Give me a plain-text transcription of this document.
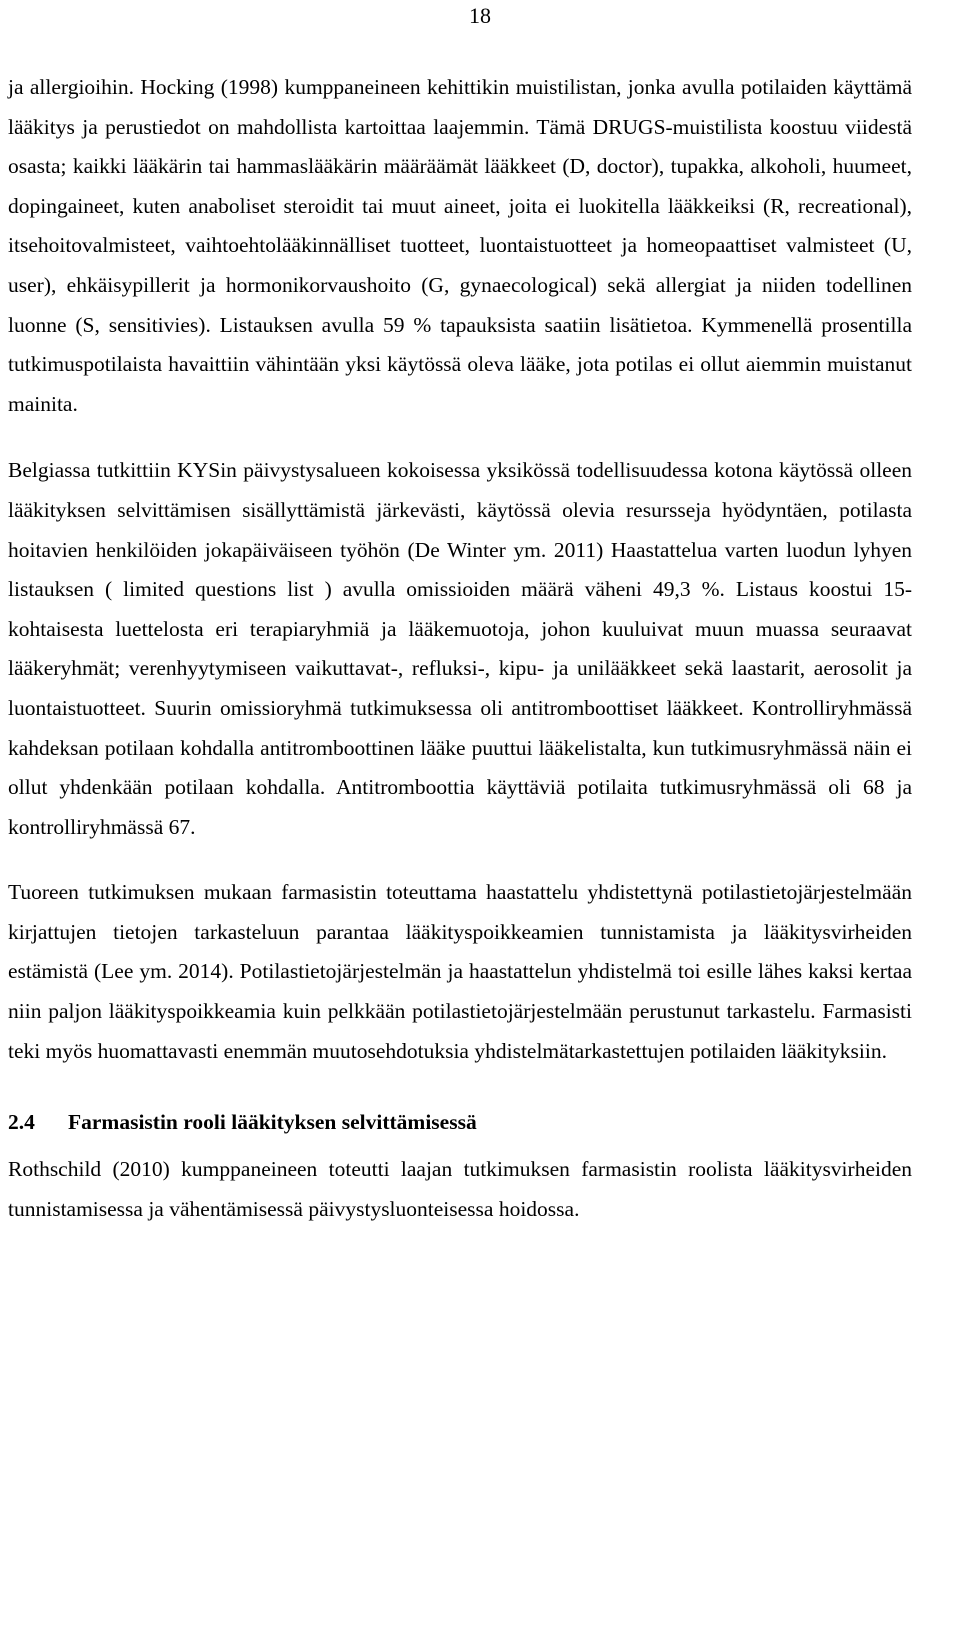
18

ja allergioihin. Hocking (1998) kumppaneineen kehittikin muistilistan, jonka avulla potilaiden käyttämä lääkitys ja perustiedot on mahdollista kartoittaa laajemmin. Tämä DRUGS-muistilista koostuu viidestä osasta; kaikki lääkärin tai hammaslääkärin määräämät lääkkeet (D, doctor), tupakka, alkoholi, huumeet, dopingaineet, kuten anaboliset steroidit tai muut aineet, joita ei luokitella lääkkeiksi (R, recreational), itsehoitovalmisteet, vaihtoehtolääkinnälliset tuotteet, luontaistuotteet ja homeopaattiset valmisteet (U, user), ehkäisypillerit ja hormonikorvaushoito (G, gynaecological) sekä allergiat ja niiden todellinen luonne (S, sensitivies). Listauksen avulla 59 % tapauksista saatiin lisätietoa. Kymmenellä prosentilla tutkimuspotilaista havaittiin vähintään yksi käytössä oleva lääke, jota potilas ei ollut aiemmin muistanut mainita.

Belgiassa tutkittiin KYSin päivystysalueen kokoisessa yksikössä todellisuudessa kotona käytössä olleen lääkityksen selvittämisen sisällyttämistä järkevästi, käytössä olevia resursseja hyödyntäen, potilasta hoitavien henkilöiden jokapäiväiseen työhön (De Winter ym. 2011) Haastattelua varten luodun lyhyen listauksen ( limited questions list ) avulla omissioiden määrä väheni 49,3 %. Listaus koostui 15-kohtaisesta luettelosta eri terapiaryhmiä ja lääkemuotoja, johon kuuluivat muun muassa seuraavat lääkeryhmät; verenhyytymiseen vaikuttavat-, refluksi-, kipu- ja unilääkkeet sekä laastarit, aerosolit ja luontaistuotteet. Suurin omissioryhmä tutkimuksessa oli antitromboottiset lääkkeet. Kontrolliryhmässä kahdeksan potilaan kohdalla antitromboottinen lääke puuttui lääkelistalta, kun tutkimusryhmässä näin ei ollut yhdenkään potilaan kohdalla. Antitromboottia käyttäviä potilaita tutkimusryhmässä oli 68 ja kontrolliryhmässä 67.

Tuoreen tutkimuksen mukaan farmasistin toteuttama haastattelu yhdistettynä potilastietojärjestelmään kirjattujen tietojen tarkasteluun parantaa lääkityspoikkeamien tunnistamista ja lääkitysvirheiden estämistä (Lee ym. 2014). Potilastietojärjestelmän ja haastattelun yhdistelmä toi esille lähes kaksi kertaa niin paljon lääkityspoikkeamia kuin pelkkään potilastietojärjestelmään perustunut tarkastelu. Farmasisti teki myös huomattavasti enemmän muutosehdotuksia yhdistelmätarkastettujen potilaiden lääkityksiin.

2.4 Farmasistin rooli lääkityksen selvittämisessä

Rothschild (2010) kumppaneineen toteutti laajan tutkimuksen farmasistin roolista lääkitysvirheiden tunnistamisessa ja vähentämisessä päivystysluonteisessa hoidossa.
